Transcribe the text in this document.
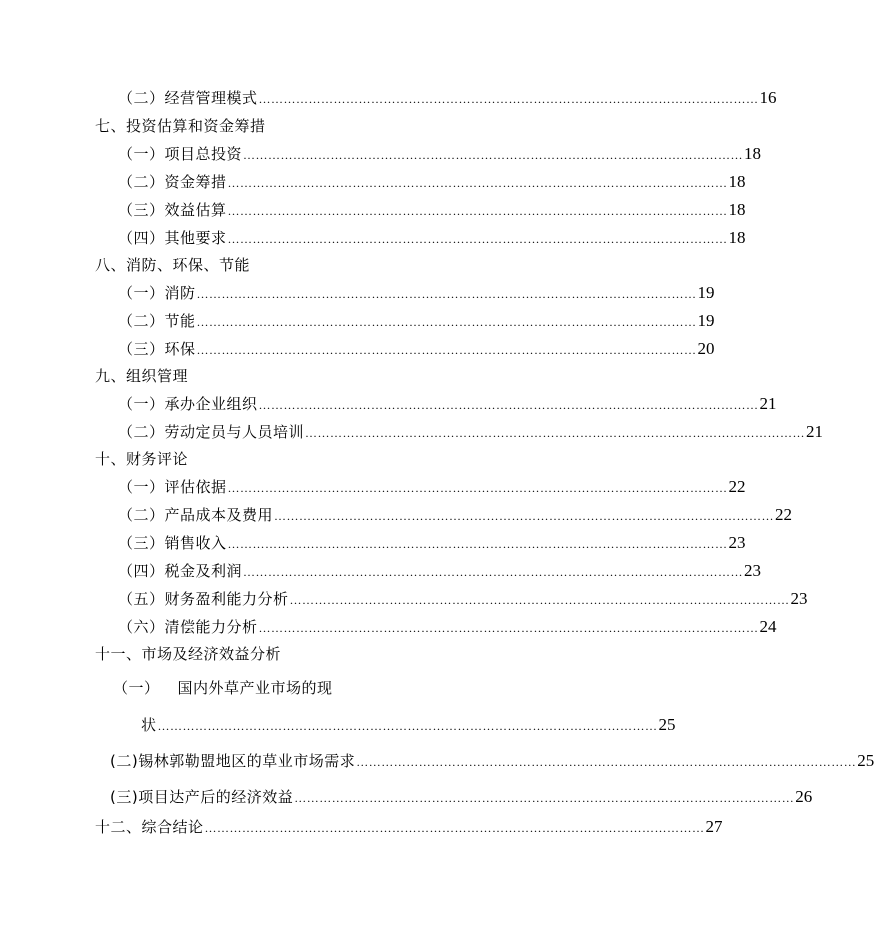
（二）经营管理模式 ………………………………………………………………………………………………………… 16
七、投资估算和资金筹措
（一）项目总投资 ………………………………………………………………………………………………………… 18
（二）资金筹措 ………………………………………………………………………………………………………… 18
（三）效益估算 ………………………………………………………………………………………………………… 18
（四）其他要求 ………………………………………………………………………………………………………… 18
八、消防、环保、节能
（一）消防 ………………………………………………………………………………………………………… 19
（二）节能 ………………………………………………………………………………………………………… 19
（三）环保 ………………………………………………………………………………………………………… 20
九、组织管理
（一）承办企业组织 ………………………………………………………………………………………………………… 21
（二）劳动定员与人员培训 ………………………………………………………………………………………………………… 21
十、财务评论
（一）评估依据 ………………………………………………………………………………………………………… 22
（二）产品成本及费用 ………………………………………………………………………………………………………… 22
（三）销售收入 ………………………………………………………………………………………………………… 23
（四）税金及利润 ………………………………………………………………………………………………………… 23
（五）财务盈利能力分析 ………………………………………………………………………………………………………… 23
（六）清偿能力分析 ………………………………………………………………………………………………………… 24
十一、市场及经济效益分析
（一） 国内外草产业市场的现
状 ………………………………………………………………………………………………………… 25
(二)锡林郭勒盟地区的草业市场需求 ………………………………………………………………………………………………………… 25
(三)项目达产后的经济效益 ………………………………………………………………………………………………………… 26
十二、综合结论 ………………………………………………………………………………………………………… 27
